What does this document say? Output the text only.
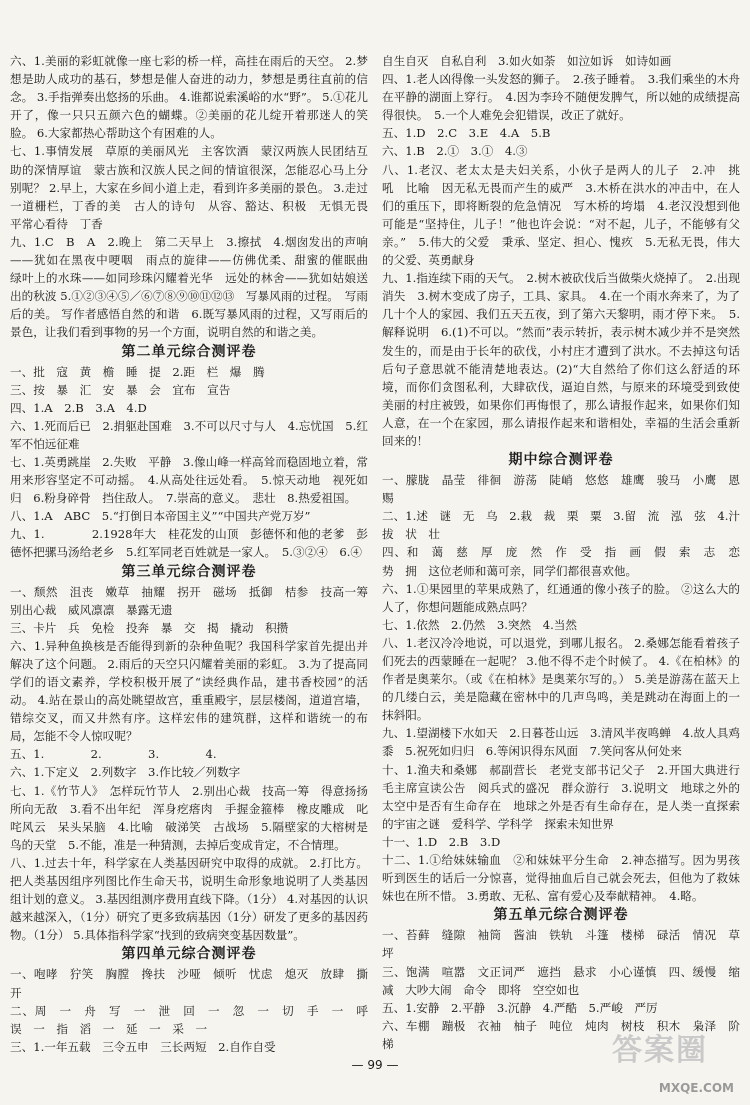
六、1.美丽的彩虹就像一座七彩的桥一样，高挂在雨后的天空。 2.梦想是助人成功的基石，梦想是催人奋进的动力，梦想是勇往直前的信念。 3.手指弹奏出悠扬的乐曲。 4.谁都说索溪峪的水“野”。 5.①花儿开了，像一只只五颜六色的蝴蝶。②美丽的花儿绽开着那迷人的笑脸。 6.大家都热心帮助这个有困难的人。

七、1.事情发展　草原的美丽风光　主客饮酒　蒙汉两族人民团结互助的深情厚谊　蒙古族和汉族人民之间的情谊很深，怎能忍心马上分别呢？ 2.早上，大家在乡间小道上走，看到许多美丽的景色。 3.走过一道栅栏，丁香的美　古人的诗句　从容、豁达、积极　无惧无畏　平常心看待　丁香

九、1.C　B　A　2.晚上　第二天早上　3.擦拭　4.烟囱发出的声响——犹如在黑夜中哽咽　雨点的旋律——仿佛优柔、甜蜜的催眠曲　绿叶上的水珠——如同珍珠闪耀着光华　远处的林舍——犹如姑娘送出的秋波 5.①②③④⑤／⑥⑦⑧⑨⑩⑪⑫⑬　写暴风雨的过程。　写雨后的美。 写作者感悟自然的和谐　6.既写暴风雨的过程，又写雨后的景色，让我们看到事物的另一个方面，说明自然的和谐之美。

第二单元综合测评卷

一、批　寇　黄　檐　睡　提　2.距　栏　爆　腾

三、按　暴　汇　安　暴　会　宜布　宣告

四、1.A　2.B　3.A　4.D

六、1.死而后已　2.捐躯赴国难　3.不可以尺寸与人　4.忘忧国　5.红军不怕远征难

七、1.英勇跳崖　2.失败　平静　3.像山峰一样高耸而稳固地立着，常用来形容坚定不可动摇。　4.从高处往远处看。　5.惊天动地　视死如归　6.粉身碎骨　挡住敌人。　7.崇高的意义。　悲壮　8.热爱祖国。

八、1.A　ABC　5.“打倒日本帝国主义”“中国共产党万岁”

九、1.　　　　2.1928年大　桂花发的山顶　彭德怀和他的老爹　彭德怀把骡马汤给老乡　5.红军同老百姓就是一家人。　5.③②④　6.④

第三单元综合测评卷

一、颓然　沮丧　嫩草　抽耀　拐开　磁场　抵御　桔参　技高一筹　别出心裁　威风凛凛　暴露无遗

三、卡片　兵　免检　投奔　暴　交　揭　撬动　积攒

六、1.异种鱼换核是否能得到新的杂种鱼呢？我国科学家首先提出并解决了这个问题。 2.雨后的天空只闪耀着美丽的彩虹。 3.为了提高同学们的语文素养，学校积极开展了“读经典作品，建书香校园”的活动。 4.站在景山的高处眺望故宫，重重殿宇，层层楼阁，道道宫墙，错综交叉，而又井然有序。这样宏伟的建筑群，这样和谐统一的布局，怎能不令人惊叹呢？

五、1.　　　　2.　　　　3.　　　　4.

六、1.下定义　2.列数字　3.作比较／列数字

七、1.《竹节人》　怎样玩竹节人　2.别出心裁　技高一筹　得意扬扬　所向无敌　3.看不出年纪　浑身疙瘩肉　手握金箍棒　橡皮雕成　叱咤风云　呆头呆脑　4.比喻　破涕笑　古战场　5.隔壁家的大榕树是鸟的天堂　5.不能，准是一种猜测，去掉后变成肯定，不合情理。

八、1.过去十年，科学家在人类基因研究中取得的成就。 2.打比方。把人类基因组序列图比作生命天书，说明生命形象地说明了人类基因组计划的意义。 3.基因组测序费用直线下降。（1分） 4.对基因的认识越来越深入，（1分）研究了更多致病基因（1分）研发了更多的基因药物。（1分） 5.具体指科学家“找到的致病突变基因数量”。

第四单元综合测评卷

一、咆哮　狞笑　胸膛　搀扶　沙哑　倾听　忧虑　熄灭　放肆　撕开

二、周　一　舟　写　一　泄　回　一　忽　一　切　手　一　呼　误　一　指　滔　一　延　一　采　一

三、1.一年五载　三令五申　三长两短　2.自作自受

自生自灭　自私自利　3.如火如荼　如泣如诉　如诗如画

四、1.老人凶得像一头发怒的狮子。　2.孩子睡着。　3.我们乘坐的木舟在平静的湖面上穿行。　4.因为李玲不随便发脾气，所以她的成绩提高得很快。　5.一个人难免会犯错误，改正了就好。

五、1.D　2.C　3.E　4.A　5.B

六、1.B　2.①　3.①　4.③

八、1.老汉、老太太是夫妇关系，小伙子是两人的儿子　2.冲　挑　吼　比喻　因无私无畏而产生的威严　3.木桥在洪水的冲击中，在人们的重压下，即将断裂的危急情况　写木桥的垮塌　4.老汉没想到他可能是“坚持住，儿子！”他也许会说：“对不起，儿子，不能够有父亲。”　5.伟大的父爱　秉承、坚定、担心、愧疚　5.无私无畏，伟大的父爱、英勇献身

九、1.指连续下雨的天气。　2.树木被砍伐后当做柴火烧掉了。　2.出现　消失　3.树木变成了房子，工具、家具。　4.在一个雨水奔来了，为了几十个人的家园、我们五天五夜，到了第六天黎明，雨才停下来。　5.解释说明　6.(1)不可以。“然而”表示转折，表示树木减少并不是突然发生的，而是由于长年的砍伐，小村庄才遭到了洪水。不去掉这句话后句子意思就不能清楚地表达。(2)“大自然给了你们这么舒适的环境，而你们贪图私利，大肆砍伐，逼迫自然，与原来的环境受到致使美丽的村庄被毁，如果你们再悔恨了，那么请报作起来，如果你们知人意，在一个在家园，那么请报作起来和谐相处，幸福的生活会重新回来的！

期中综合测评卷

一、朦胧　晶莹　徘徊　游荡　陡峭　悠悠　雄鹰　骏马　小鹰　恩赐

二、1.述　谜　无　乌　2.栽　裁　栗　粟　3.留　流　泓　弦　4.汁　拔　状　壮

四、和　蔼　慈　厚　庞　然　作　受　指　画　假　索　志　恋　势　拥　这位老师和蔼可亲，同学们都很喜欢他。

六、1.①果园里的苹果成熟了，红通通的像小孩子的脸。 ②这么大的人了，你想问题能成熟点吗？

七、1.依然　2.仍然　3.突然　4.当然

八、1.老汉冷冷地说，可以退党，到哪儿报名。 2.桑娜怎能看着孩子们死去的西蒙睡在一起呢？ 3.他不得不走个时候了。 4.《在柏林》的作者是奥莱尔。（或《在柏林》是奥莱尔写的。） 5.美是游荡在蓝天上的几缕白云，美是隐藏在密林中的几声鸟鸣，美是跳动在海面上的一抹斜阳。

九、1.望湖楼下水如天　2.日暮苍山远　3.清风半夜鸣蝉　4.故人具鸡黍　5.祝死如归归　6.等闲识得东风面　7.笑问客从何处来

十、1.渔夫和桑娜　郝副营长　老党支部书记父子　2.开国大典进行　毛主席宣读公告　阅兵式的盛况　群众游行　3.说明文　地球之外的太空中是否有生命存在　地球之外是否有生命存在，是人类一直探索的宇宙之谜　爱科学、学科学　探索未知世界

十一、1.D　2.B　3.D

十二、1.①给妹妹输血　②和妹妹平分生命　2.神态描写。因为男孩听到医生的话后一分惊喜，觉得抽血后自己就会死去，但他为了救妹妹也在所不惜。 3.勇敢、无私、富有爱心及奉献精神。　4.略。

第五单元综合测评卷

一、苔藓　缝隙　袖筒　酱油　铁轨　斗篷　楼梯　碌活　情况　草坪

三、饱满　喧嚣　文正词严　遮挡　悬求　小心谨慎　四、缓慢　缩减　大吵大闹　命令　即将　空空如也

五、1.安静　2.平静　3.沉静　4.严酷　5.严峻　严厉

六、车棚　蹦极　衣袖　柚子　吨位　炖肉　树枝　积木　枭泽　阶梯

— 99 —	答案圈
MXQE.COM
